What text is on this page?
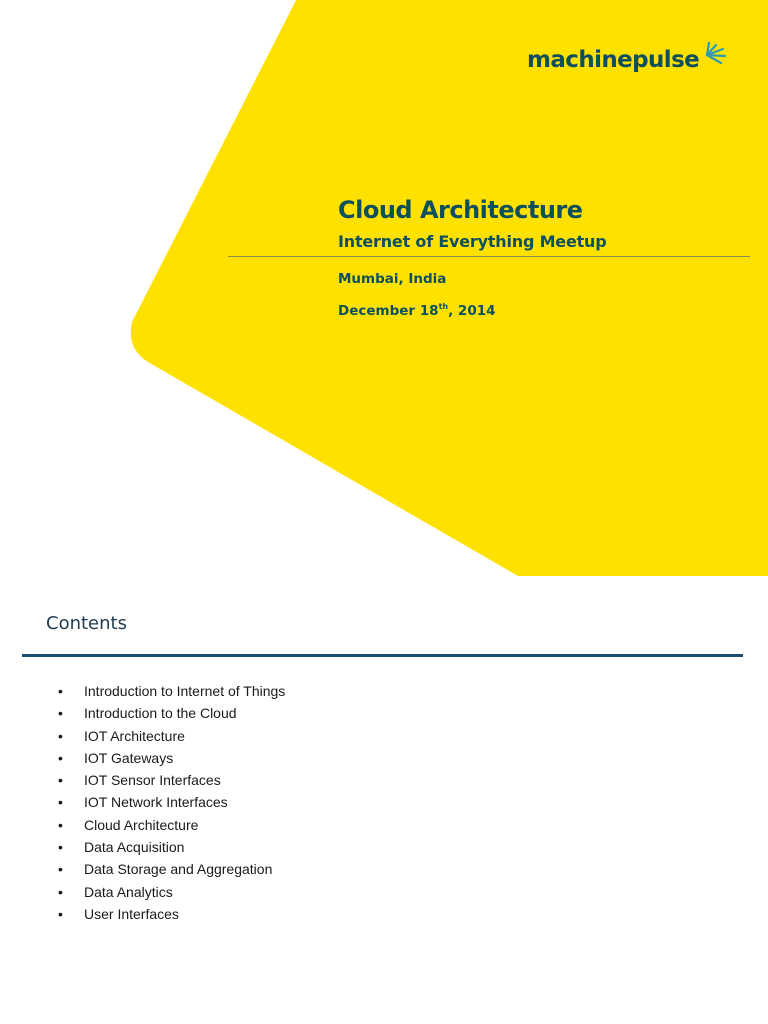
machinepulse
Cloud Architecture
Internet of Everything Meetup
Mumbai, India
December 18th, 2014
Contents
•	Introduction to Internet of Things
•	Introduction to the Cloud
•	IOT Architecture
•	IOT Gateways
•	IOT Sensor Interfaces
•	IOT Network Interfaces
•	Cloud Architecture
•	Data Acquisition
•	Data Storage and Aggregation
•	Data Analytics
•	User Interfaces
